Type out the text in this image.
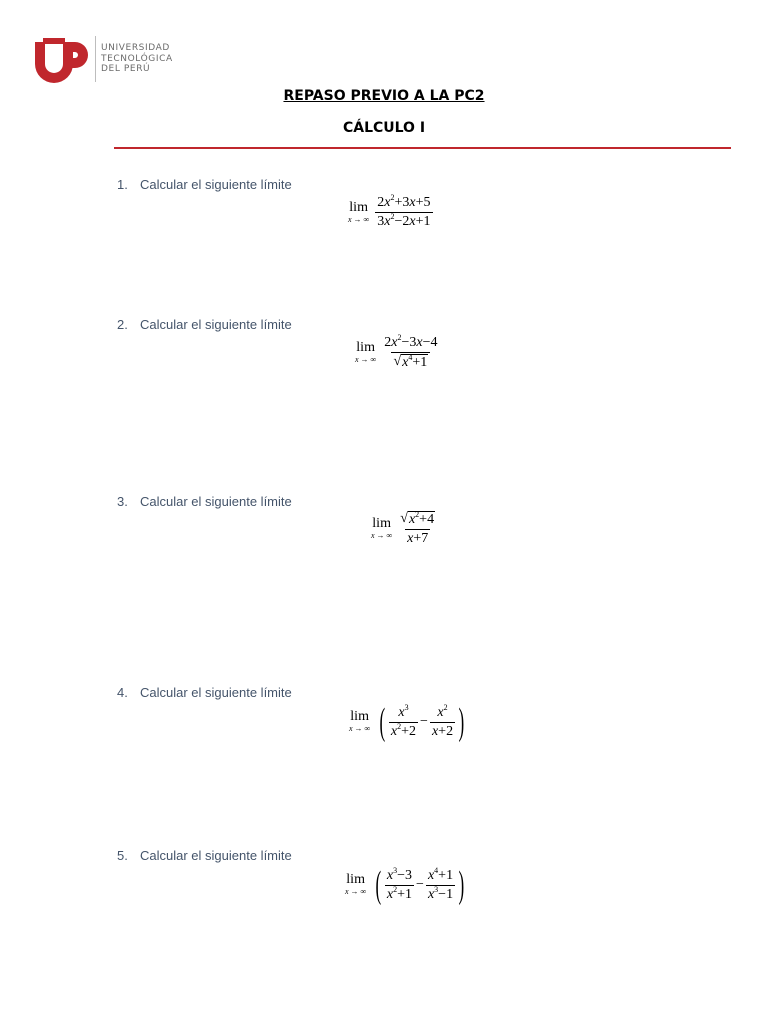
UNIVERSIDAD
TECNOLÓGICA
DEL PERÚ
REPASO PREVIO A LA PC2
CÁLCULO I
1. Calcular el siguiente límite
lim
x → ∞ $\frac{2x^2+3x+5}{3x^2-2x+1}$
2. Calcular el siguiente límite
lim
x → ∞ $\frac{2x^2-3x-4}{√ x^4+1}$
3. Calcular el siguiente límite
lim
x → ∞ $\frac{√ x^2+4}{x+7}$
4. Calcular el siguiente límite
lim
x → ∞ ( $\frac{x^3}{x^2+2} - \frac{x^2}{x+2}$ )
5. Calcular el siguiente límite
lim
x → ∞ ( $\frac{x^3-3}{x^2+1} - \frac{x^4+1}{x^3-1}$ )
